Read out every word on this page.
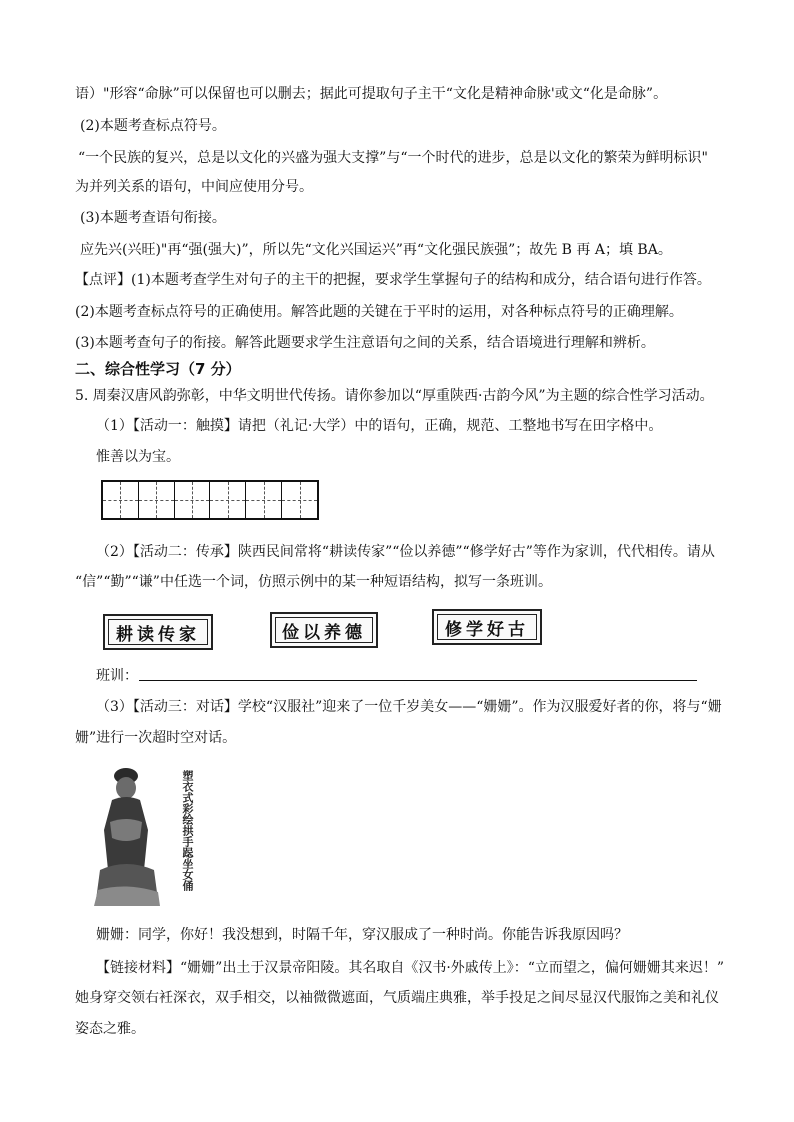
语）"形容“命脉”可以保留也可以删去；据此可提取句子主干“文化是精神命脉'或文“化是命脉”。
(2)本题考查标点符号。
“一个民族的复兴，总是以文化的兴盛为强大支撑”与“一个时代的进步，总是以文化的繁荣为鲜明标识"
为并列关系的语句，中间应使用分号。
(3)本题考查语句衔接。
应先兴(兴旺)"再“强(强大)”，所以先“文化兴国运兴”再“文化强民族强”；故先 B 再 A；填 BA。
【点评】(1)本题考查学生对句子的主干的把握，要求学生掌握句子的结构和成分，结合语句进行作答。
(2)本题考查标点符号的正确使用。解答此题的关键在于平时的运用，对各种标点符号的正确理解。
(3)本题考查句子的衔接。解答此题要求学生注意语句之间的关系，结合语境进行理解和辨析。
二、综合性学习（7 分）
5. 周秦汉唐风韵弥彰，中华文明世代传扬。请你参加以“厚重陕西·古韵今风”为主题的综合性学习活动。
（1）【活动一：触摸】请把（礼记·大学）中的语句，正确，规范、工整地书写在田字格中。
惟善以为宝。
（2）【活动二：传承】陕西民间常将“耕读传家”“俭以养德”“修学好古”等作为家训，代代相传。请从
“信”“勤”“谦”中任选一个词，仿照示例中的某一种短语结构，拟写一条班训。
耕读传家	俭以养德	修学好古
班训：
（3）【活动三：对话】学校“汉服社”迎来了一位千岁美女——“姗姗”。作为汉服爱好者的你，将与“姗
姗”进行一次超时空对话。
塑衣式彩绘拱手跽坐女俑
姗姗：同学，你好！我没想到，时隔千年，穿汉服成了一种时尚。你能告诉我原因吗？
【链接材料】“姗姗”出土于汉景帝阳陵。其名取自《汉书·外戚传上》：“立而望之，偏何姗姗其来迟！”
她身穿交领右衽深衣，双手相交，以袖微微遮面，气质端庄典雅，举手投足之间尽显汉代服饰之美和礼仪
姿态之雅。
